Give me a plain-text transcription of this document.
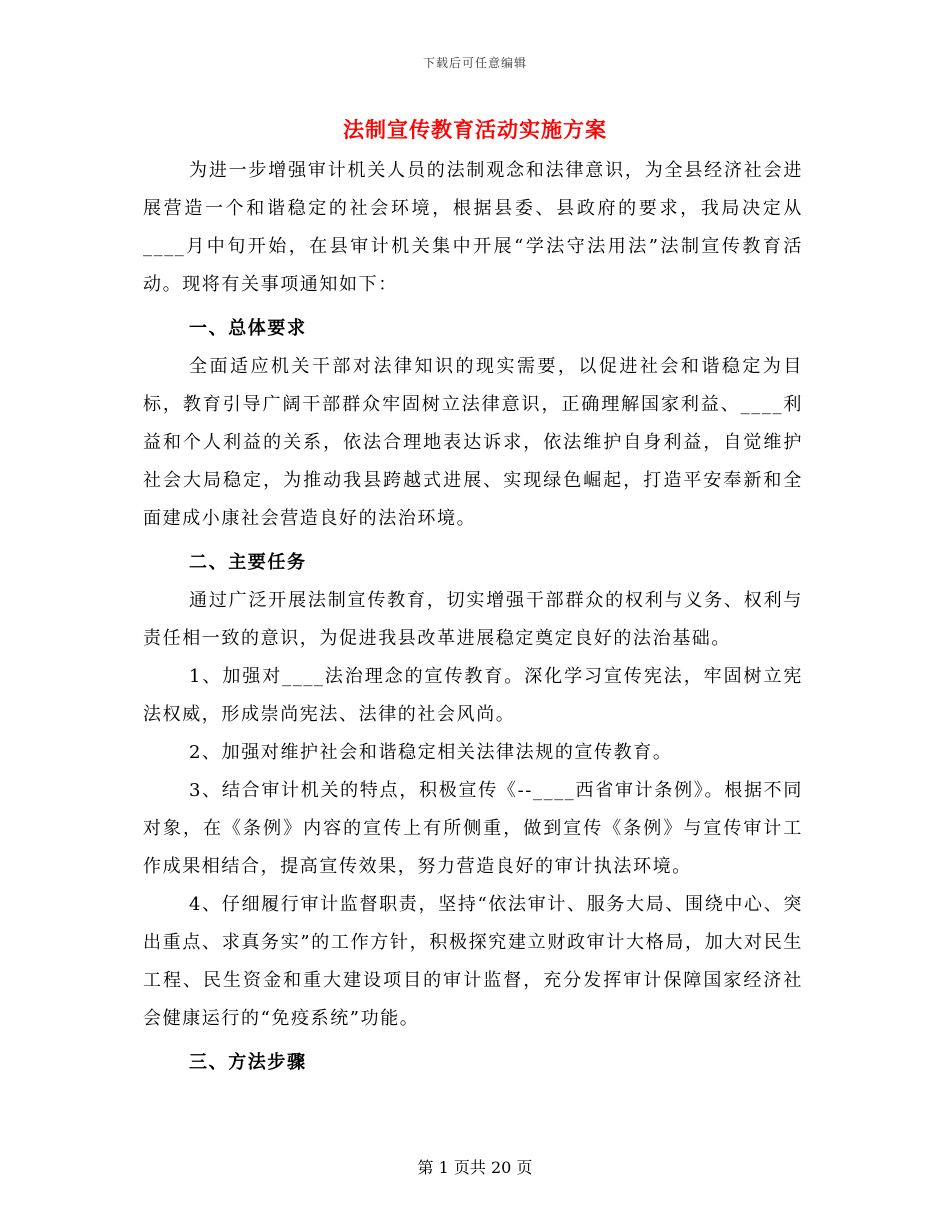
下载后可任意编辑
法制宣传教育活动实施方案

为进一步增强审计机关人员的法制观念和法律意识，为全县经济社会进展营造一个和谐稳定的社会环境，根据县委、县政府的要求，我局决定从____月中旬开始，在县审计机关集中开展“学法守法用法”法制宣传教育活动。现将有关事项通知如下：

一、总体要求

全面适应机关干部对法律知识的现实需要，以促进社会和谐稳定为目标，教育引导广阔干部群众牢固树立法律意识，正确理解国家利益、____利益和个人利益的关系，依法合理地表达诉求，依法维护自身利益，自觉维护社会大局稳定，为推动我县跨越式进展、实现绿色崛起，打造平安奉新和全面建成小康社会营造良好的法治环境。

二、主要任务

通过广泛开展法制宣传教育，切实增强干部群众的权利与义务、权利与责任相一致的意识，为促进我县改革进展稳定奠定良好的法治基础。

1、加强对____法治理念的宣传教育。深化学习宣传宪法，牢固树立宪法权威，形成崇尚宪法、法律的社会风尚。

2、加强对维护社会和谐稳定相关法律法规的宣传教育。

3、结合审计机关的特点，积极宣传《--____西省审计条例》。根据不同对象，在《条例》内容的宣传上有所侧重，做到宣传《条例》与宣传审计工作成果相结合，提高宣传效果，努力营造良好的审计执法环境。

4、仔细履行审计监督职责，坚持“依法审计、服务大局、围绕中心、突出重点、求真务实”的工作方针，积极探究建立财政审计大格局，加大对民生工程、民生资金和重大建设项目的审计监督，充分发挥审计保障国家经济社会健康运行的“免疫系统”功能。

三、方法步骤

第 1 页共 20 页
